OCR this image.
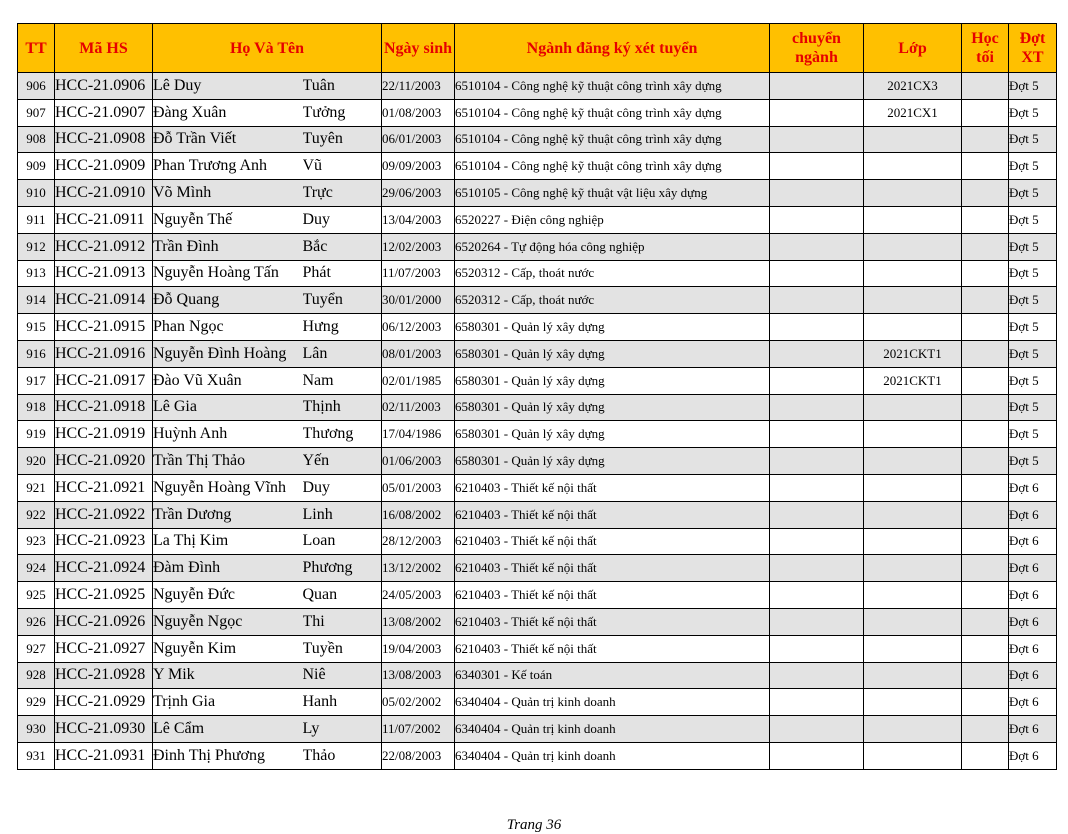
TT	Mã HS	Họ Và Tên		Ngày sinh	Ngành đăng ký xét tuyển	chuyển ngành	Lớp	Học tối	Đợt XT
906	HCC-21.0906	Lê Duy	Tuân	22/11/2003	6510104 - Công nghệ kỹ thuật công trình xây dựng		2021CX3		Đợt 5
907	HCC-21.0907	Đàng Xuân	Tưởng	01/08/2003	6510104 - Công nghệ kỹ thuật công trình xây dựng		2021CX1		Đợt 5
908	HCC-21.0908	Đỗ Trần Viết	Tuyên	06/01/2003	6510104 - Công nghệ kỹ thuật công trình xây dựng				Đợt 5
909	HCC-21.0909	Phan Trương Anh	Vũ	09/09/2003	6510104 - Công nghệ kỹ thuật công trình xây dựng				Đợt 5
910	HCC-21.0910	Võ Mình	Trực	29/06/2003	6510105 - Công nghệ kỹ thuật vật liệu xây dựng				Đợt 5
911	HCC-21.0911	Nguyễn Thế	Duy	13/04/2003	6520227 - Điện công nghiệp				Đợt 5
912	HCC-21.0912	Trần Đình	Bắc	12/02/2003	6520264 - Tự động hóa công nghiệp				Đợt 5
913	HCC-21.0913	Nguyễn Hoàng Tấn	Phát	11/07/2003	6520312 - Cấp, thoát nước				Đợt 5
914	HCC-21.0914	Đỗ Quang	Tuyển	30/01/2000	6520312 - Cấp, thoát nước				Đợt 5
915	HCC-21.0915	Phan Ngọc	Hưng	06/12/2003	6580301 - Quản lý xây dựng				Đợt 5
916	HCC-21.0916	Nguyễn Đình Hoàng	Lân	08/01/2003	6580301 - Quản lý xây dựng		2021CKT1		Đợt 5
917	HCC-21.0917	Đào Vũ Xuân	Nam	02/01/1985	6580301 - Quản lý xây dựng		2021CKT1		Đợt 5
918	HCC-21.0918	Lê Gia	Thịnh	02/11/2003	6580301 - Quản lý xây dựng				Đợt 5
919	HCC-21.0919	Huỳnh Anh	Thương	17/04/1986	6580301 - Quản lý xây dựng				Đợt 5
920	HCC-21.0920	Trần Thị Thảo	Yến	01/06/2003	6580301 - Quản lý xây dựng				Đợt 5
921	HCC-21.0921	Nguyễn Hoàng Vĩnh	Duy	05/01/2003	6210403 - Thiết kế nội thất				Đợt 6
922	HCC-21.0922	Trần Dương	Linh	16/08/2002	6210403 - Thiết kế nội thất				Đợt 6
923	HCC-21.0923	La Thị Kim	Loan	28/12/2003	6210403 - Thiết kế nội thất				Đợt 6
924	HCC-21.0924	Đàm Đình	Phương	13/12/2002	6210403 - Thiết kế nội thất				Đợt 6
925	HCC-21.0925	Nguyễn Đức	Quan	24/05/2003	6210403 - Thiết kế nội thất				Đợt 6
926	HCC-21.0926	Nguyễn Ngọc	Thi	13/08/2002	6210403 - Thiết kế nội thất				Đợt 6
927	HCC-21.0927	Nguyễn Kim	Tuyền	19/04/2003	6210403 - Thiết kế nội thất				Đợt 6
928	HCC-21.0928	Y Mik	Niê	13/08/2003	6340301 - Kế toán				Đợt 6
929	HCC-21.0929	Trịnh Gia	Hanh	05/02/2002	6340404 - Quản trị kinh doanh				Đợt 6
930	HCC-21.0930	Lê Cẩm	Ly	11/07/2002	6340404 - Quản trị kinh doanh				Đợt 6
931	HCC-21.0931	Đinh Thị Phương	Thảo	22/08/2003	6340404 - Quản trị kinh doanh				Đợt 6
Trang 36
